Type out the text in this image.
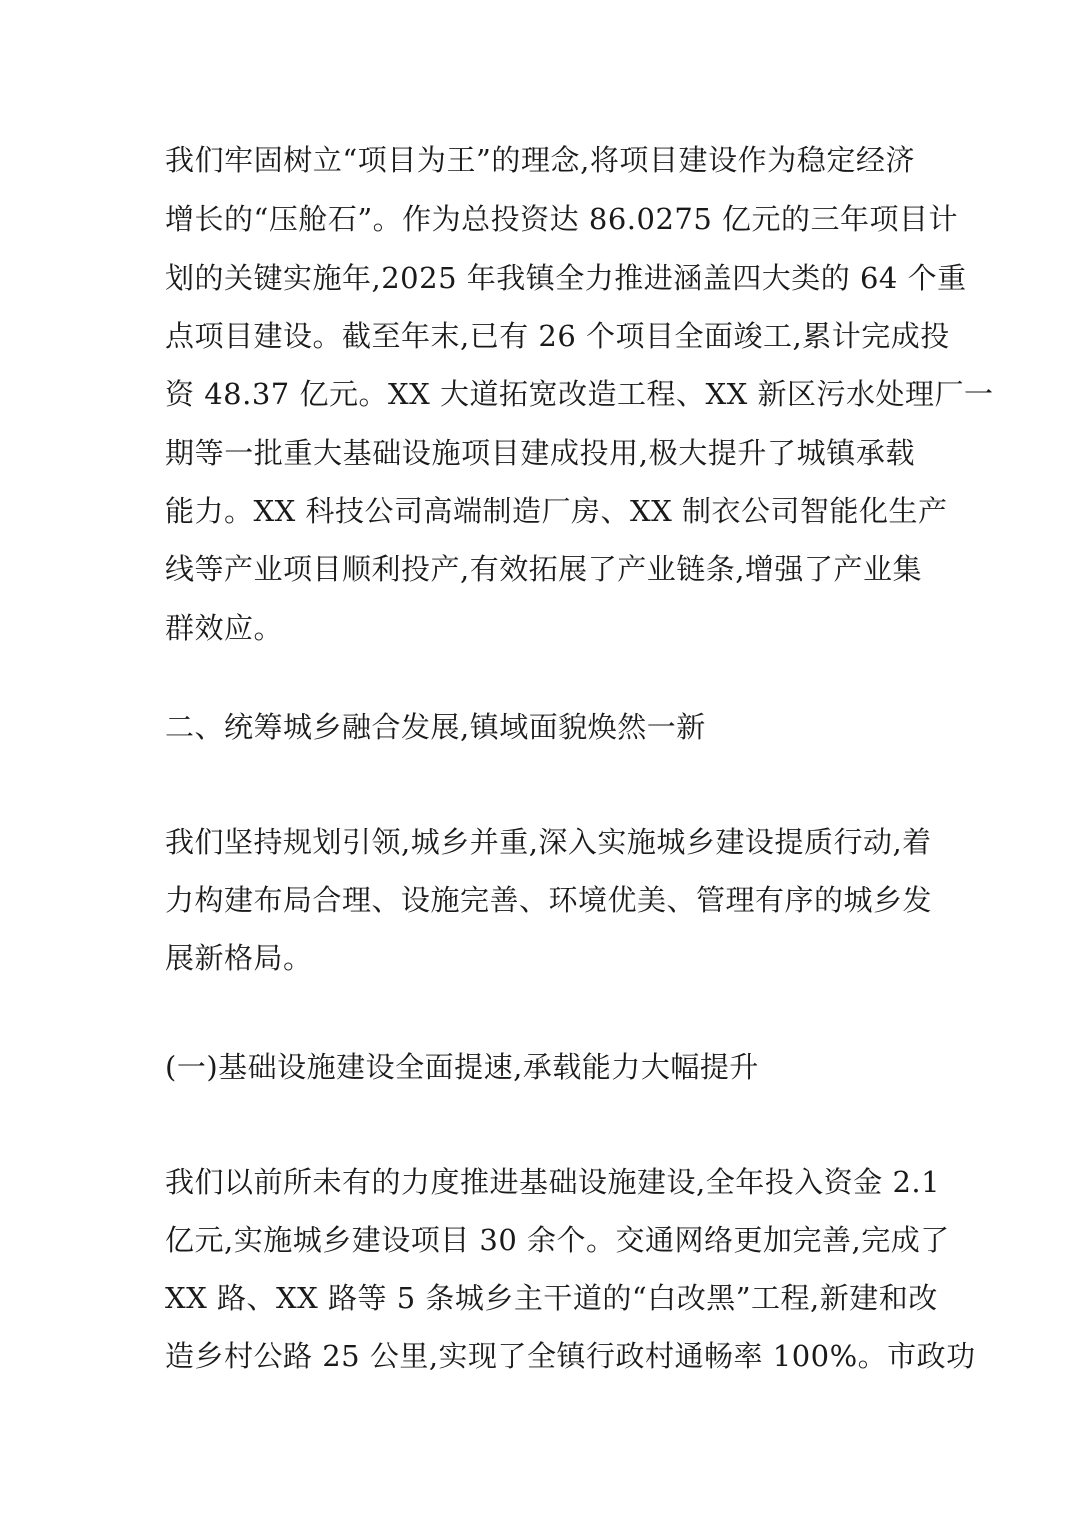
我们牢固树立“项目为王”的理念,将项目建设作为稳定经济
增长的“压舱石”。作为总投资达 86.0275 亿元的三年项目计
划的关键实施年,2025 年我镇全力推进涵盖四大类的 64 个重
点项目建设。截至年末,已有 26 个项目全面竣工,累计完成投
资 48.37 亿元。XX 大道拓宽改造工程、XX 新区污水处理厂一
期等一批重大基础设施项目建成投用,极大提升了城镇承载
能力。XX 科技公司高端制造厂房、XX 制衣公司智能化生产
线等产业项目顺利投产,有效拓展了产业链条,增强了产业集
群效应。
二、统筹城乡融合发展,镇域面貌焕然一新
我们坚持规划引领,城乡并重,深入实施城乡建设提质行动,着
力构建布局合理、设施完善、环境优美、管理有序的城乡发
展新格局。
(一)基础设施建设全面提速,承载能力大幅提升
我们以前所未有的力度推进基础设施建设,全年投入资金 2.1
亿元,实施城乡建设项目 30 余个。交通网络更加完善,完成了
XX 路、XX 路等 5 条城乡主干道的“白改黑”工程,新建和改
造乡村公路 25 公里,实现了全镇行政村通畅率 100%。市政功
